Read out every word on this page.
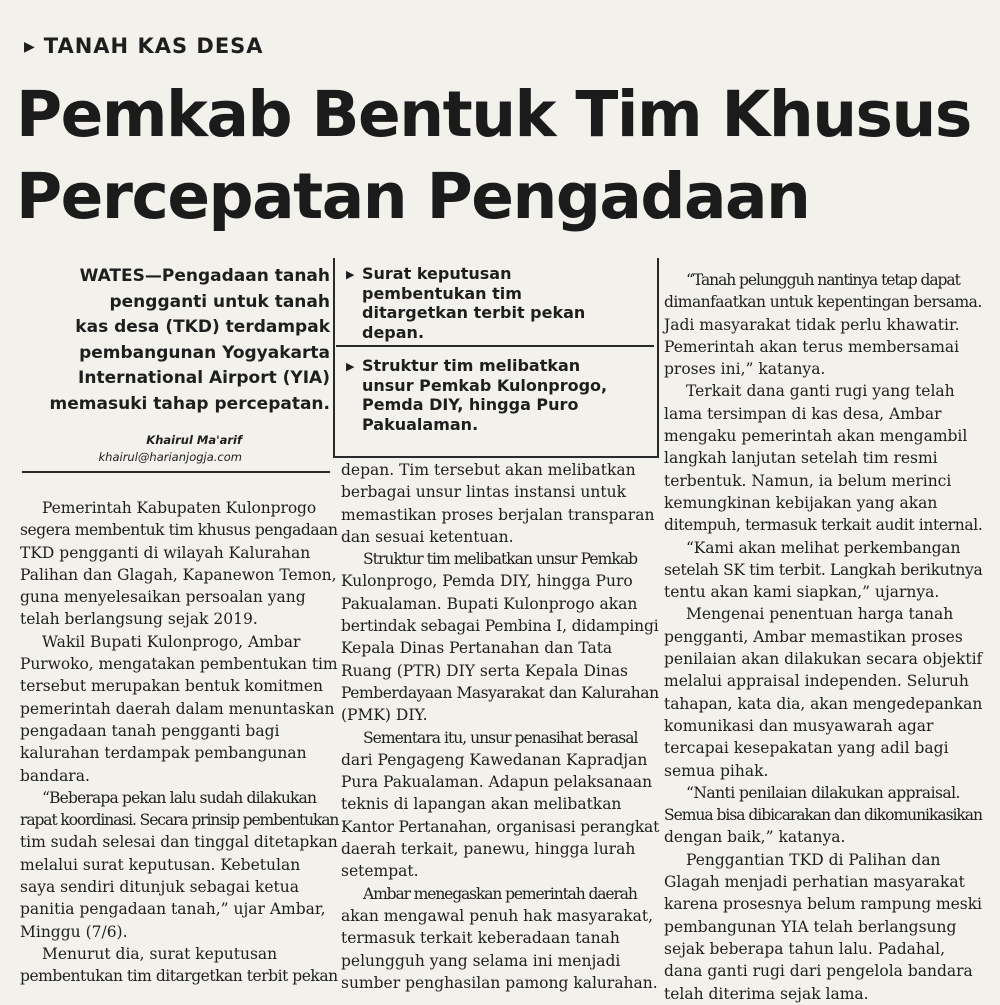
▶ TANAH KAS DESA
Pemkab Bentuk Tim Khusus
Percepatan Pengadaan
WATES—Pengadaan tanah
pengganti untuk tanah
kas desa (TKD) terdampak
pembangunan Yogyakarta
International Airport (YIA)
memasuki tahap percepatan.
Khairul Ma'arif
khairul@harianjogja.com
▶ Surat keputusan
pembentukan tim
ditargetkan terbit pekan
depan.
▶ Struktur tim melibatkan
unsur Pemkab Kulonprogo,
Pemda DIY, hingga Puro
Pakualaman.
Pemerintah Kabupaten Kulonprogo
segera membentuk tim khusus pengadaan
TKD pengganti di wilayah Kalurahan
Palihan dan Glagah, Kapanewon Temon,
guna menyelesaikan persoalan yang
telah berlangsung sejak 2019.
Wakil Bupati Kulonprogo, Ambar
Purwoko, mengatakan pembentukan tim
tersebut merupakan bentuk komitmen
pemerintah daerah dalam menuntaskan
pengadaan tanah pengganti bagi
kalurahan terdampak pembangunan
bandara.
“Beberapa pekan lalu sudah dilakukan
rapat koordinasi. Secara prinsip pembentukan
tim sudah selesai dan tinggal ditetapkan
melalui surat keputusan. Kebetulan
saya sendiri ditunjuk sebagai ketua
panitia pengadaan tanah,” ujar Ambar,
Minggu (7/6).
Menurut dia, surat keputusan
pembentukan tim ditargetkan terbit pekan
depan. Tim tersebut akan melibatkan
berbagai unsur lintas instansi untuk
memastikan proses berjalan transparan
dan sesuai ketentuan.
Struktur tim melibatkan unsur Pemkab
Kulonprogo, Pemda DIY, hingga Puro
Pakualaman. Bupati Kulonprogo akan
bertindak sebagai Pembina I, didampingi
Kepala Dinas Pertanahan dan Tata
Ruang (PTR) DIY serta Kepala Dinas
Pemberdayaan Masyarakat dan Kalurahan
(PMK) DIY.
Sementara itu, unsur penasihat berasal
dari Pengageng Kawedanan Kapradjan
Pura Pakualaman. Adapun pelaksanaan
teknis di lapangan akan melibatkan
Kantor Pertanahan, organisasi perangkat
daerah terkait, panewu, hingga lurah
setempat.
Ambar menegaskan pemerintah daerah
akan mengawal penuh hak masyarakat,
termasuk terkait keberadaan tanah
pelungguh yang selama ini menjadi
sumber penghasilan pamong kalurahan.
“Tanah pelungguh nantinya tetap dapat
dimanfaatkan untuk kepentingan bersama.
Jadi masyarakat tidak perlu khawatir.
Pemerintah akan terus membersamai
proses ini,” katanya.
Terkait dana ganti rugi yang telah
lama tersimpan di kas desa, Ambar
mengaku pemerintah akan mengambil
langkah lanjutan setelah tim resmi
terbentuk. Namun, ia belum merinci
kemungkinan kebijakan yang akan
ditempuh, termasuk terkait audit internal.
“Kami akan melihat perkembangan
setelah SK tim terbit. Langkah berikutnya
tentu akan kami siapkan,” ujarnya.
Mengenai penentuan harga tanah
pengganti, Ambar memastikan proses
penilaian akan dilakukan secara objektif
melalui appraisal independen. Seluruh
tahapan, kata dia, akan mengedepankan
komunikasi dan musyawarah agar
tercapai kesepakatan yang adil bagi
semua pihak.
“Nanti penilaian dilakukan appraisal.
Semua bisa dibicarakan dan dikomunikasikan
dengan baik,” katanya.
Penggantian TKD di Palihan dan
Glagah menjadi perhatian masyarakat
karena prosesnya belum rampung meski
pembangunan YIA telah berlangsung
sejak beberapa tahun lalu. Padahal,
dana ganti rugi dari pengelola bandara
telah diterima sejak lama.
